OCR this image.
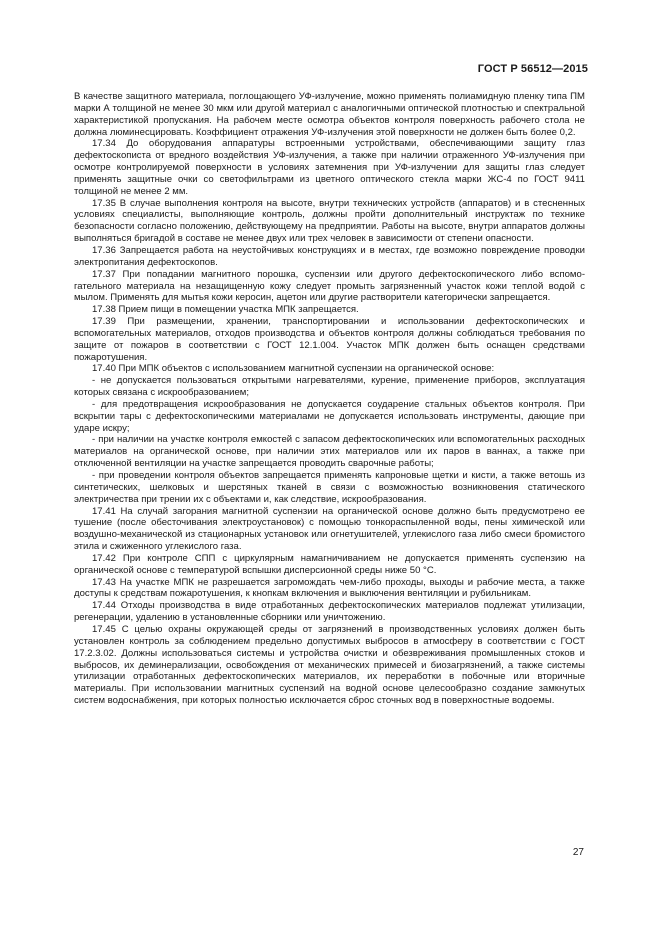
ГОСТ Р 56512—2015

В качестве защитного материала, поглощающего УФ-излучение, можно применять полиамидную пленку типа ПМ марки А толщиной не менее 30 мкм или другой материал с аналогичными оптической плотностью и спектральной характеристикой пропускания. На рабочем месте осмотра объектов контроля поверхность рабочего стола не должна люминесцировать. Коэффициент отражения УФ-излучения этой поверхности не должен быть более 0,2.

17.34 До оборудования аппаратуры встроенными устройствами, обеспечивающими защиту глаз дефектоскописта от вредного воздействия УФ-излучения, а также при наличии отраженного УФ-излучения при осмотре контролируемой поверхности в условиях затемнения при УФ-излучении для защиты глаз следует применять защитные очки со светофильтрами из цветного оптического стекла марки ЖС-4 по ГОСТ 9411 толщиной не менее 2 мм.

17.35 В случае выполнения контроля на высоте, внутри технических устройств (аппаратов) и в стесненных условиях специалисты, выполняющие контроль, должны пройти дополнительный инструктаж по технике безопасности согласно положению, действующему на предприятии. Работы на высоте, внутри аппаратов должны выполняться бригадой в составе не менее двух или трех человек в зависимости от степени опасности.

17.36 Запрещается работа на неустойчивых конструкциях и в местах, где возможно повреждение проводки электропитания дефектоскопов.

17.37 При попадании магнитного порошка, суспензии или другого дефектоскопического либо вспомогательного материала на незащищенную кожу следует промыть загрязненный участок кожи теплой водой с мылом. Применять для мытья кожи керосин, ацетон или другие растворители категорически запрещается.

17.38 Прием пищи в помещении участка МПК запрещается.

17.39 При размещении, хранении, транспортировании и использовании дефектоскопических и вспомогательных материалов, отходов производства и объектов контроля должны соблюдаться требования по защите от пожаров в соответствии с ГОСТ 12.1.004. Участок МПК должен быть оснащен средствами пожаротушения.

17.40 При МПК объектов с использованием магнитной суспензии на органической основе:

- не допускается пользоваться открытыми нагревателями, курение, применение приборов, эксплуатация которых связана с искрообразованием;

- для предотвращения искрообразования не допускается соударение стальных объектов контроля. При вскрытии тары с дефектоскопическими материалами не допускается использовать инструменты, дающие при ударе искру;

- при наличии на участке контроля емкостей с запасом дефектоскопических или вспомогательных расходных материалов на органической основе, при наличии этих материалов или их паров в ваннах, а также при отключенной вентиляции на участке запрещается проводить сварочные работы;

- при проведении контроля объектов запрещается применять капроновые щетки и кисти, а также ветошь из синтетических, шелковых и шерстяных тканей в связи с возможностью возникновения статического электричества при трении их с объектами и, как следствие, искрообразования.

17.41 На случай загорания магнитной суспензии на органической основе должно быть предусмотрено ее тушение (после обесточивания электроустановок) с помощью тонкораспыленной воды, пены химической или воздушно-механической из стационарных установок или огнетушителей, углекислого газа либо смеси бромистого этила и сжиженного углекислого газа.

17.42 При контроле СПП с циркулярным намагничиванием не допускается применять суспензию на органической основе с температурой вспышки дисперсионной среды ниже 50 °С.

17.43 На участке МПК не разрешается загромождать чем-либо проходы, выходы и рабочие места, а также доступы к средствам пожаротушения, к кнопкам включения и выключения вентиляции и рубильникам.

17.44 Отходы производства в виде отработанных дефектоскопических материалов подлежат утилизации, регенерации, удалению в установленные сборники или уничтожению.

17.45 С целью охраны окружающей среды от загрязнений в производственных условиях должен быть установлен контроль за соблюдением предельно допустимых выбросов в атмосферу в соответствии с ГОСТ 17.2.3.02. Должны использоваться системы и устройства очистки и обезвреживания промышленных стоков и выбросов, их деминерализации, освобождения от механических примесей и биозагрязнений, а также системы утилизации отработанных дефектоскопических материалов, их переработки в побочные или вторичные материалы. При использовании магнитных суспензий на водной основе целесообразно создание замкнутых систем водоснабжения, при которых полностью исключается сброс сточных вод в поверхностные водоемы.

27
